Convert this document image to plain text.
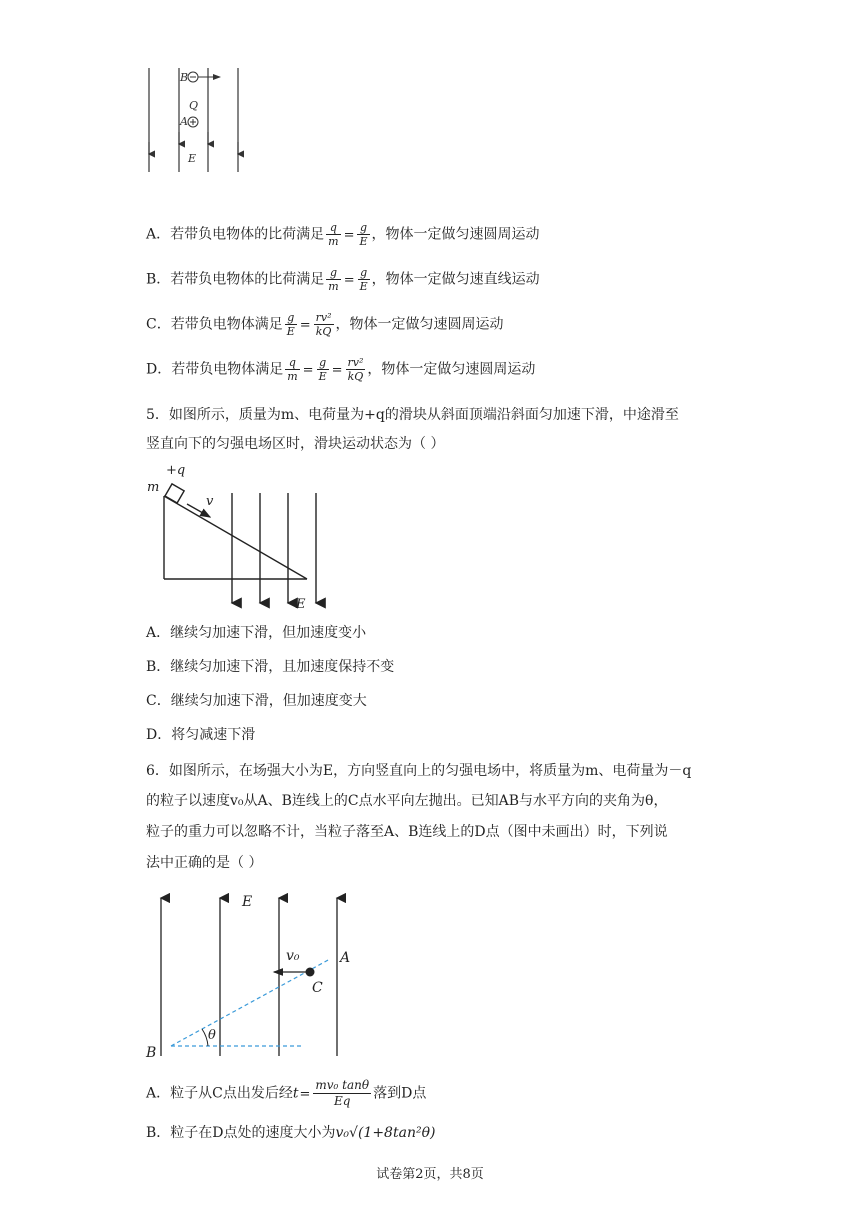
B
Q
A
E
A．若带负电物体的比荷满足 $\frac{q}{m} = \frac{g}{E}$ ，物体一定做匀速圆周运动
B．若带负电物体的比荷满足 $\frac{g}{m} = \frac{g}{E}$ ，物体一定做匀速直线运动
C．若带负电物体满足 $\frac{g}{E} = \frac{\text{rv²}}{kQ}$ ，物体一定做匀速圆周运动
D．若带负电物体满足 $\frac{q}{m} = \frac{g}{E} = \frac{\text{rv²}}{kQ}$ ，物体一定做匀速圆周运动
5．如图所示，质量为m、电荷量为+q的滑块从斜面顶端沿斜面匀加速下滑，中途滑至
竖直向下的匀强电场区时，滑块运动状态为（ ）
+q
m
v
E
A．继续匀加速下滑，但加速度变小
B．继续匀加速下滑，且加速度保持不变
C．继续匀加速下滑，但加速度变大
D．将匀减速下滑
6．如图所示，在场强大小为E，方向竖直向上的匀强电场中，将质量为m、电荷量为－q
的粒子以速度v₀从A、B连线上的C点水平向左抛出。已知AB与水平方向的夹角为θ，
粒子的重力可以忽略不计，当粒子落至A、B连线上的D点（图中未画出）时，下列说
法中正确的是（ ）
E
v₀	A
C
θ
B
A．粒子从C点出发后经$t= \frac{\text{mv₀ tanθ}}{Eq}$ 落到D点
B．粒子在D点处的速度大小为v₀√(1+8tan²θ)
试卷第2页，共8页
